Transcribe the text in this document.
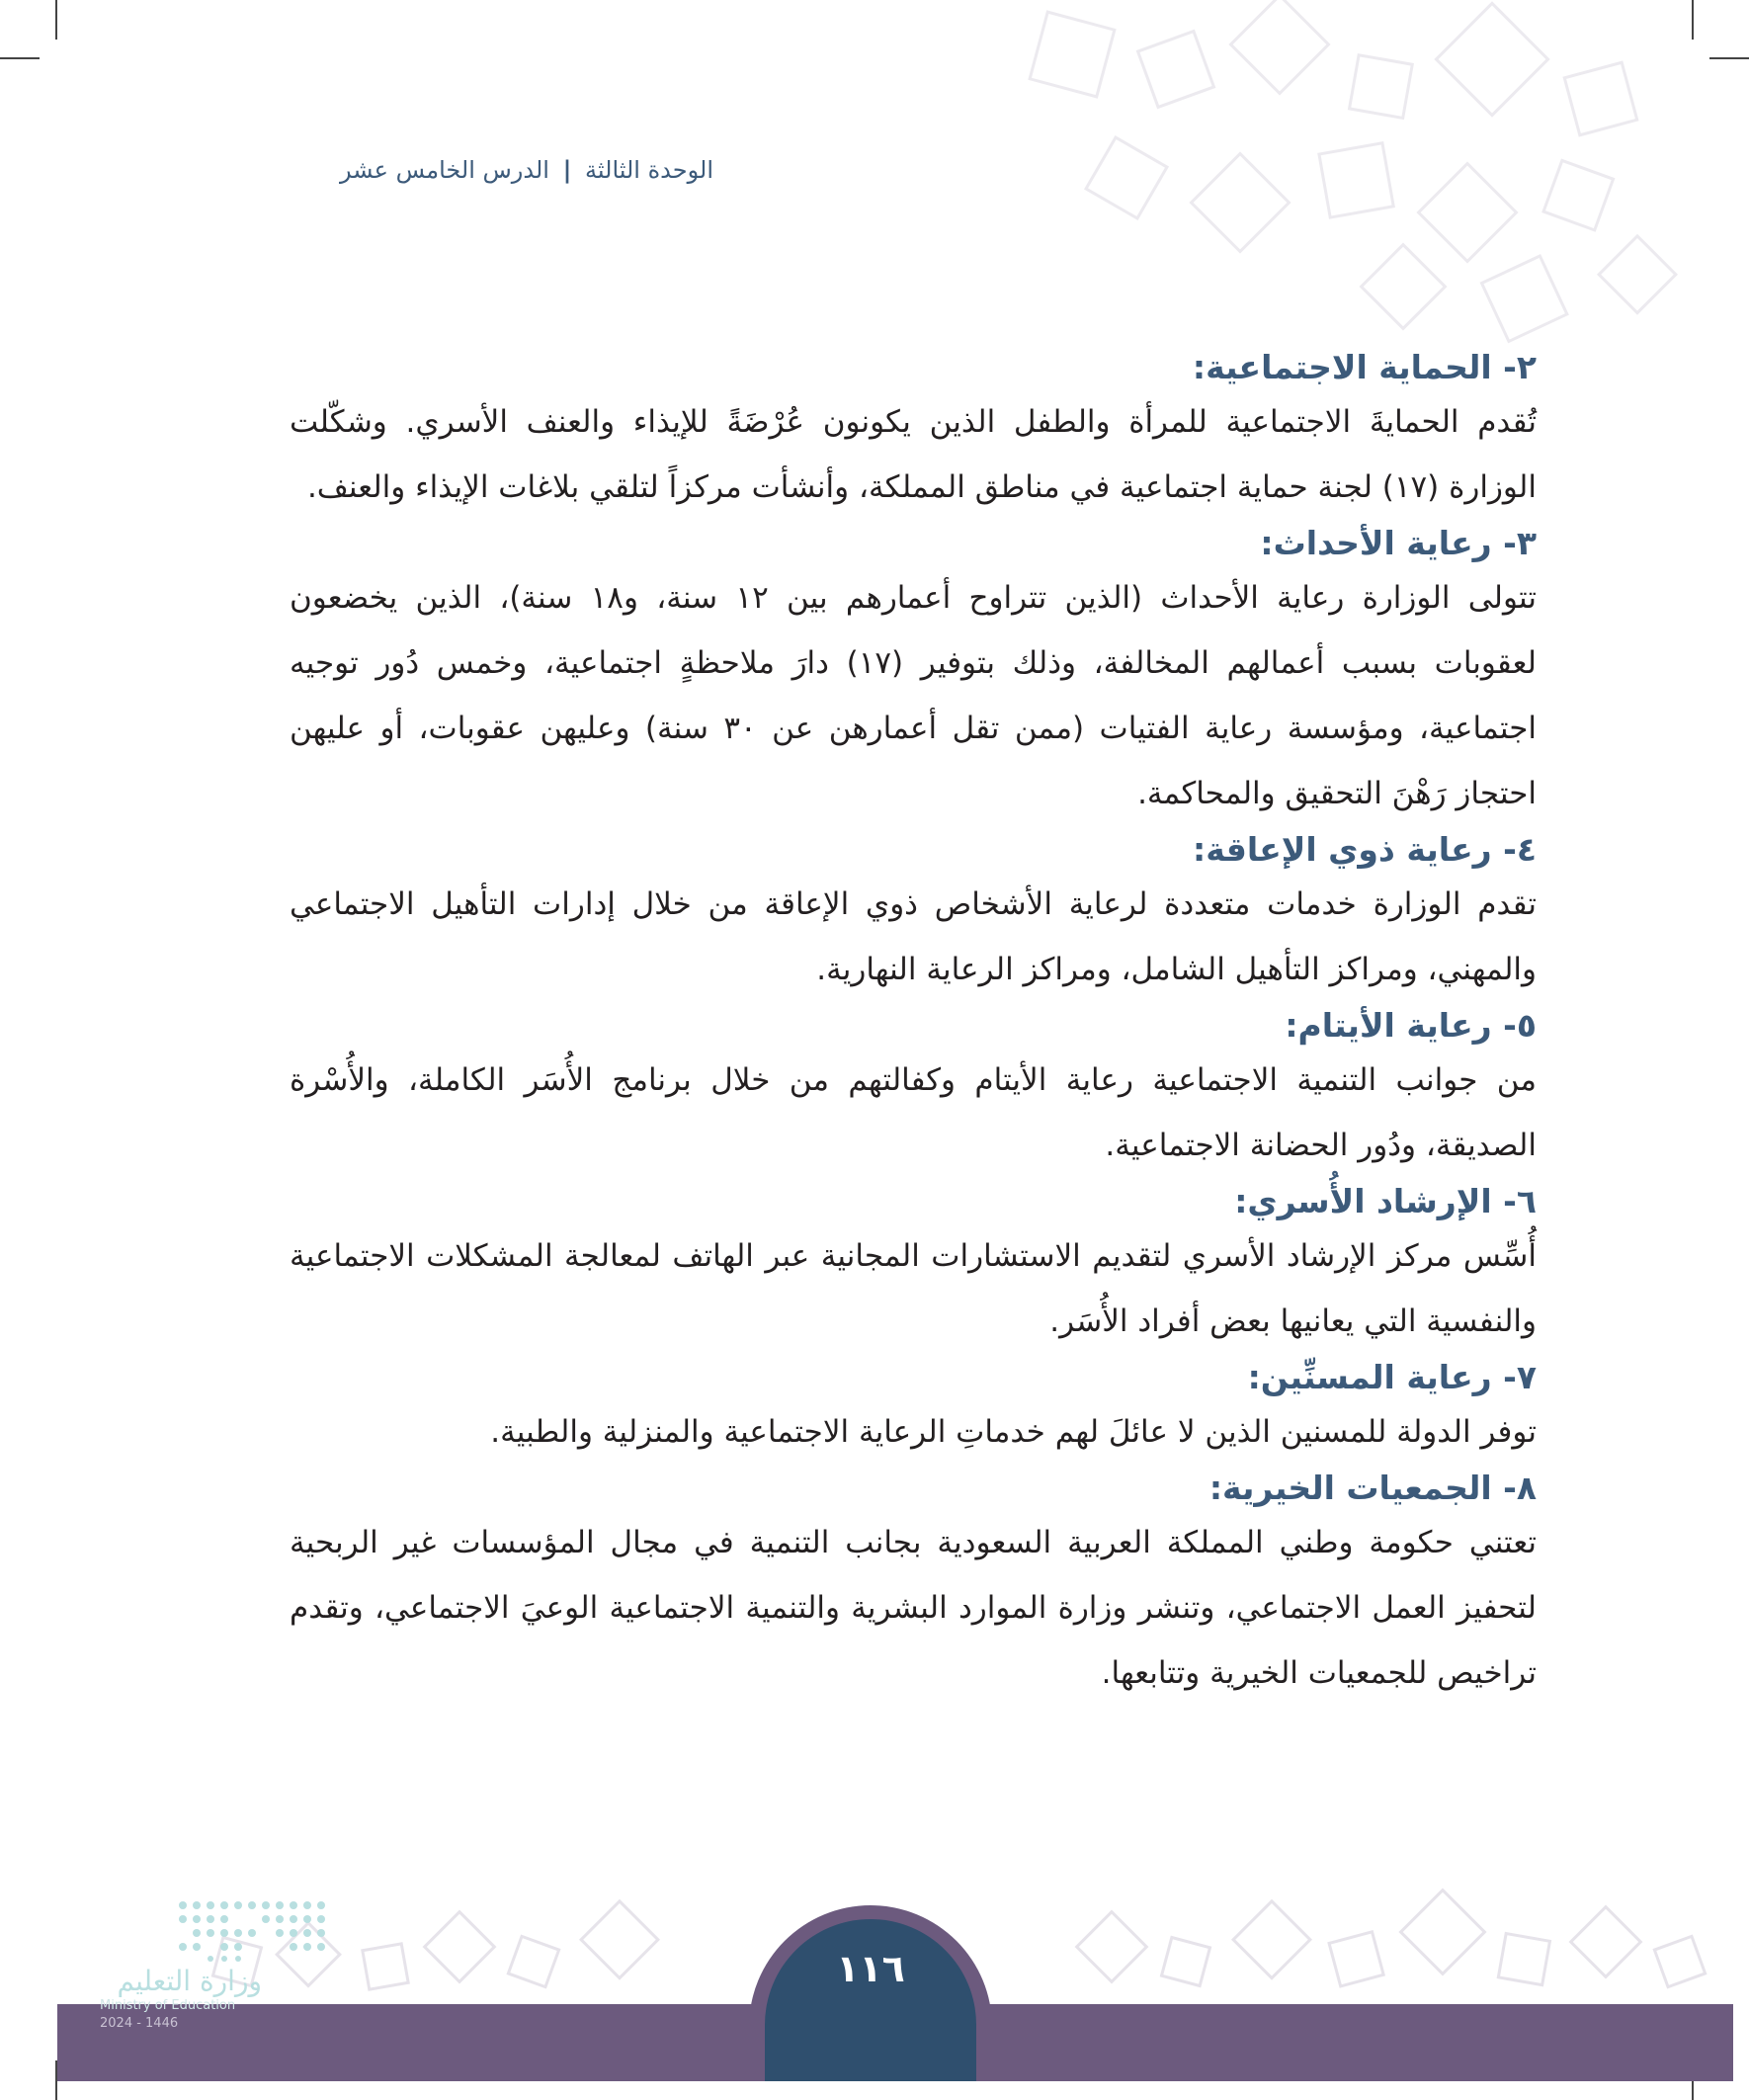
الوحدة الثالثة | الدرس الخامس عشر
٢- الحماية الاجتماعية:

تُقدم الحمايةَ الاجتماعية للمرأة والطفل الذين يكونون عُرْضَةً للإيذاء والعنف الأسري. وشكّلت الوزارة (١٧) لجنة حماية اجتماعية في مناطق المملكة، وأنشأت مركزاً لتلقي بلاغات الإيذاء والعنف.

٣- رعاية الأحداث:

تتولى الوزارة رعاية الأحداث (الذين تتراوح أعمارهم بين ١٢ سنة، و١٨ سنة)، الذين يخضعون لعقوبات بسبب أعمالهم المخالفة، وذلك بتوفير (١٧) دارَ ملاحظةٍ اجتماعية، وخمس دُور توجيه اجتماعية، ومؤسسة رعاية الفتيات (ممن تقل أعمارهن عن ٣٠ سنة) وعليهن عقوبات، أو عليهن احتجاز رَهْنَ التحقيق والمحاكمة.

٤- رعاية ذوي الإعاقة:

تقدم الوزارة خدمات متعددة لرعاية الأشخاص ذوي الإعاقة من خلال إدارات التأهيل الاجتماعي والمهني، ومراكز التأهيل الشامل، ومراكز الرعاية النهارية.

٥- رعاية الأيتام:

من جوانب التنمية الاجتماعية رعاية الأيتام وكفالتهم من خلال برنامج الأُسَر الكاملة، والأُسْرة الصديقة، ودُور الحضانة الاجتماعية.

٦- الإرشاد الأُسري:

أُسِّس مركز الإرشاد الأسري لتقديم الاستشارات المجانية عبر الهاتف لمعالجة المشكلات الاجتماعية والنفسية التي يعانيها بعض أفراد الأُسَر.

٧- رعاية المسنِّين:

توفر الدولة للمسنين الذين لا عائلَ لهم خدماتِ الرعاية الاجتماعية والمنزلية والطبية.

٨- الجمعيات الخيرية:

تعتني حكومة وطني المملكة العربية السعودية بجانب التنمية في مجال المؤسسات غير الربحية لتحفيز العمل الاجتماعي، وتنشر وزارة الموارد البشرية والتنمية الاجتماعية الوعيَ الاجتماعي، وتقدم تراخيص للجمعيات الخيرية وتتابعها.

١١٦
وزارة التعليم
Ministry of Education
2024 - 1446
